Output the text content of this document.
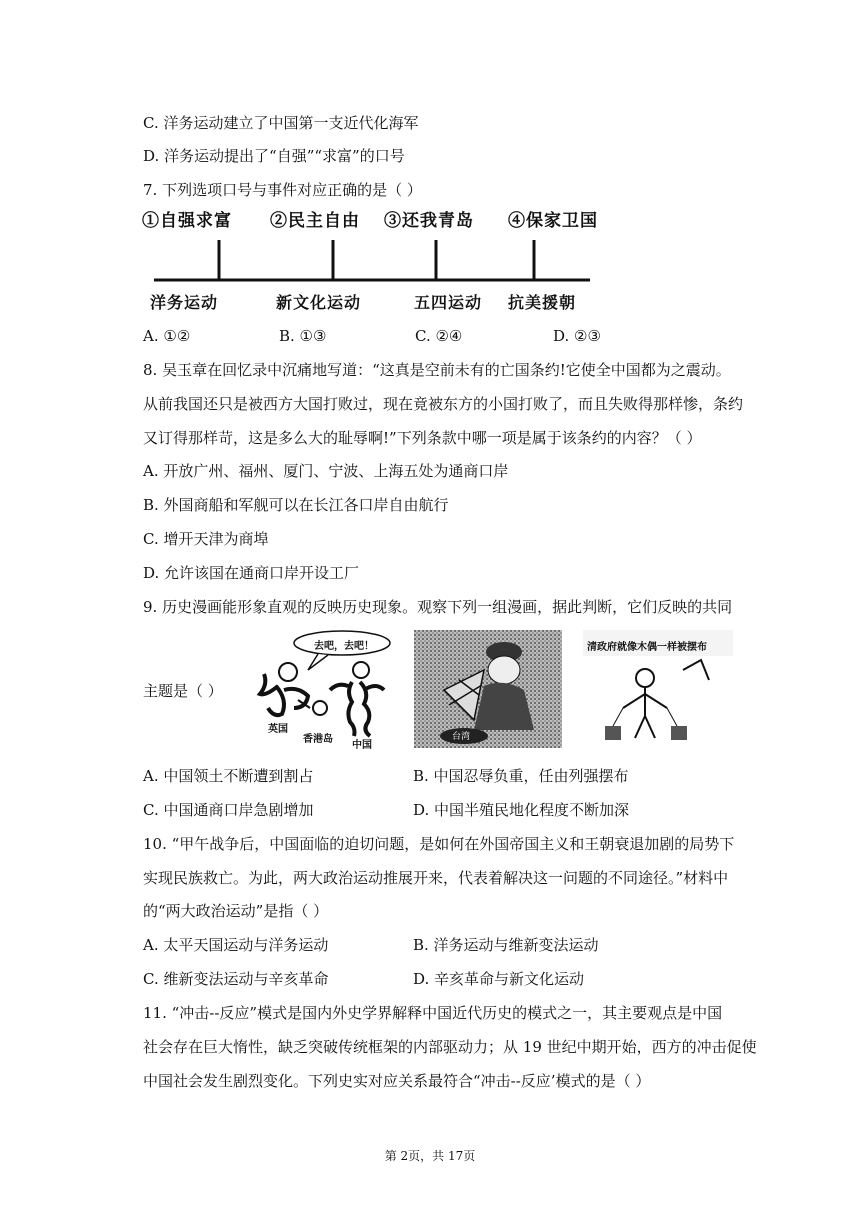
C. 洋务运动建立了中国第一支近代化海军
D. 洋务运动提出了“自强”“求富”的口号
7. 下列选项口号与事件对应正确的是（ ）
①自强求富 ②民主自由 ③还我青岛 ④保家卫国
洋务运动	新文化运动	五四运动 抗美援朝
A. ①②	B. ①③	C. ②④	D. ②③
8. 吴玉章在回忆录中沉痛地写道：“这真是空前未有的亡国条约!它使全中国都为之震动。
从前我国还只是被西方大国打败过，现在竟被东方的小国打败了，而且失败得那样惨，条约
又订得那样苛，这是多么大的耻辱啊!”下列条款中哪一项是属于该条约的内容？（ ）
A. 开放广州、福州、厦门、宁波、上海五处为通商口岸
B. 外国商船和军舰可以在长江各口岸自由航行
C. 增开天津为商埠
D. 允许该国在通商口岸开设工厂
9. 历史漫画能形象直观的反映历史现象。观察下列一组漫画，据此判断，它们反映的共同
主题是（ ）
去吧，去吧！
英国
香港岛
中国
台湾
清政府就像木偶一样被摆布
A. 中国领土不断遭到割占	B. 中国忍辱负重，任由列强摆布
C. 中国通商口岸急剧增加	D. 中国半殖民地化程度不断加深
10. “甲午战争后，中国面临的迫切问题，是如何在外国帝国主义和王朝衰退加剧的局势下
实现民族救亡。为此，两大政治运动推展开来，代表着解决这一问题的不同途径。”材料中
的“两大政治运动”是指（ ）
A. 太平天国运动与洋务运动	B. 洋务运动与维新变法运动
C. 维新变法运动与辛亥革命	D. 辛亥革命与新文化运动
11. “冲击--反应”模式是国内外史学界解释中国近代历史的模式之一，其主要观点是中国
社会存在巨大惰性，缺乏突破传统框架的内部驱动力；从 19 世纪中期开始，西方的冲击促使
中国社会发生剧烈变化。下列史实对应关系最符合“冲击--反应’模式的是（ ）
第 2页，共 17页
